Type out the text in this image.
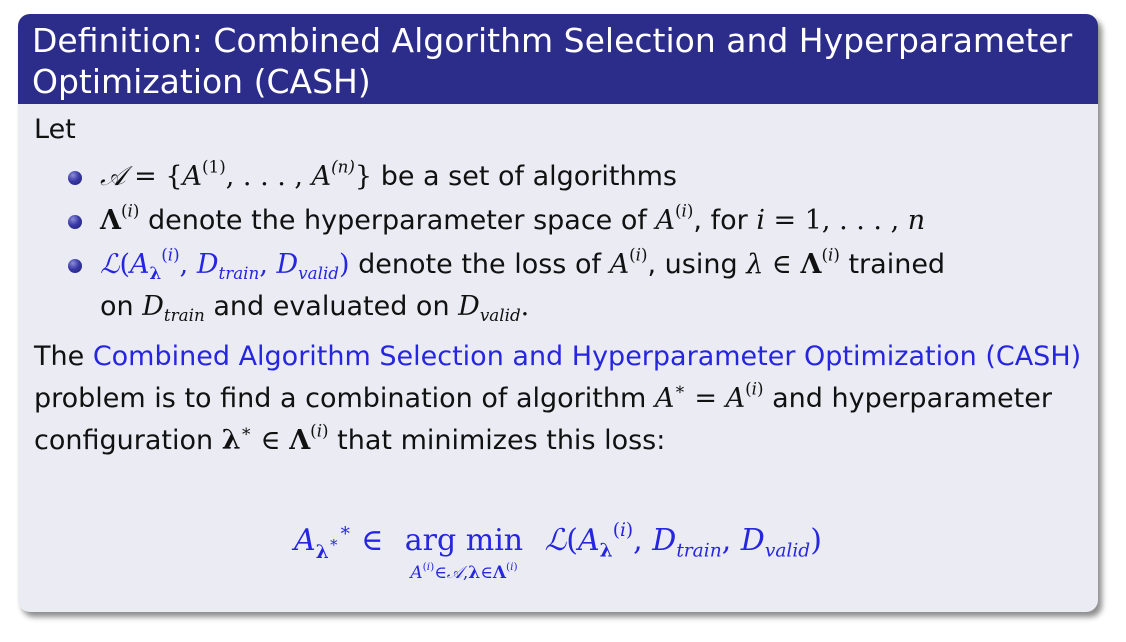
Definition: Combined Algorithm Selection and Hyperparameter
Optimization (CASH)
Let
𝒜 = {$A^{(1)}$, . . . , $A^{(n)}$} be a set of algorithms
$\Lambda^{(i)}$ denote the hyperparameter space of $A^{(i)}$, for i = 1, . . . , n
$ℒ(A_\lambda^{(i)}$, $D_{train}$, $D_{valid}$) denote the loss of $A^{(i)}$, using λ ∈ $\Lambda^{(i)}$ trained
on $D_{train}$ and evaluated on $D_{valid}$.
The Combined Algorithm Selection and Hyperparameter Optimization (CASH) problem is to find a combination of algorithm $A^∗ = A^{(i)}$ and hyperparameter configuration λ∗ ∈ $\Lambda^{(i)}$ that minimizes this loss:
$A_{\lambda^∗}^∗$ ∈ arg min
$A^{(i)}\in 𝒜,\lambda\in\Lambda^{(i)}$
$ℒ(A_\lambda^{(i)}$, $D_{train}$, $D_{valid}$)
